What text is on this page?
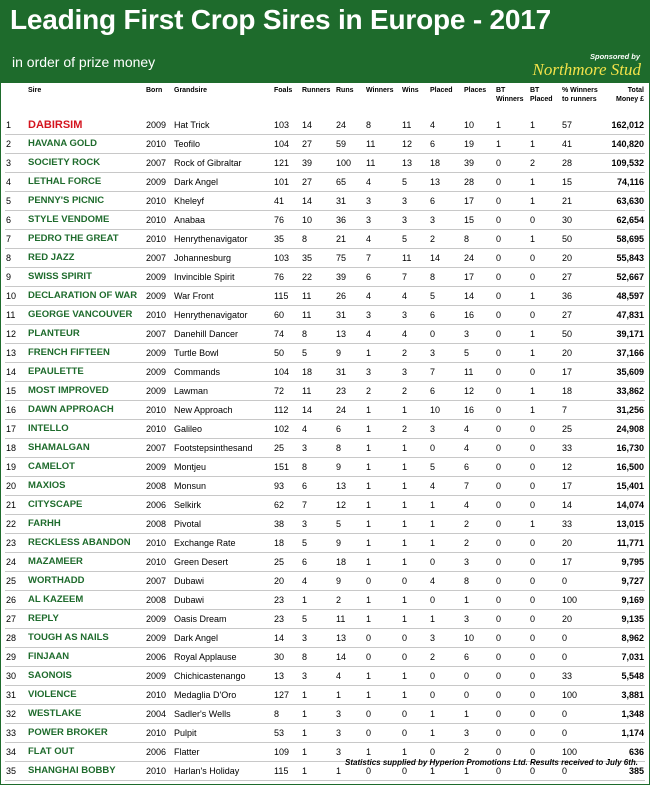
Leading First Crop Sires in Europe - 2017
in order of prize money	Sponsored by
Northmore Stud
	Sire	Born	Grandsire	Foals	Runners	Runs	Winners	Wins	Placed	Places	BT Winners	BT Placed	% Winners to runners	Total Money £
1	DABIRSIM	2009	Hat Trick	103	14	24	8	11	4	10	1	1	57	162,012
2	HAVANA GOLD	2010	Teofilo	104	27	59	11	12	6	19	1	1	41	140,820
3	SOCIETY ROCK	2007	Rock of Gibraltar	121	39	100	11	13	18	39	0	2	28	109,532
4	LETHAL FORCE	2009	Dark Angel	101	27	65	4	5	13	28	0	1	15	74,116
5	PENNY'S PICNIC	2010	Kheleyf	41	14	31	3	3	6	17	0	1	21	63,630
6	STYLE VENDOME	2010	Anabaa	76	10	36	3	3	3	15	0	0	30	62,654
7	PEDRO THE GREAT	2010	Henrythenavigator	35	8	21	4	5	2	8	0	1	50	58,695
8	RED JAZZ	2007	Johannesburg	103	35	75	7	11	14	24	0	0	20	55,843
9	SWISS SPIRIT	2009	Invincible Spirit	76	22	39	6	7	8	17	0	0	27	52,667
10	DECLARATION OF WAR	2009	War Front	115	11	26	4	4	5	14	0	1	36	48,597
11	GEORGE VANCOUVER	2010	Henrythenavigator	60	11	31	3	3	6	16	0	0	27	47,831
12	PLANTEUR	2007	Danehill Dancer	74	8	13	4	4	0	3	0	1	50	39,171
13	FRENCH FIFTEEN	2009	Turtle Bowl	50	5	9	1	2	3	5	0	1	20	37,166
14	EPAULETTE	2009	Commands	104	18	31	3	3	7	11	0	0	17	35,609
15	MOST IMPROVED	2009	Lawman	72	11	23	2	2	6	12	0	1	18	33,862
16	DAWN APPROACH	2010	New Approach	112	14	24	1	1	10	16	0	1	7	31,256
17	INTELLO	2010	Galileo	102	4	6	1	2	3	4	0	0	25	24,908
18	SHAMALGAN	2007	Footstepsinthesand	25	3	8	1	1	0	4	0	0	33	16,730
19	CAMELOT	2009	Montjeu	151	8	9	1	1	5	6	0	0	12	16,500
20	MAXIOS	2008	Monsun	93	6	13	1	1	4	7	0	0	17	15,401
21	CITYSCAPE	2006	Selkirk	62	7	12	1	1	1	4	0	0	14	14,074
22	FARHH	2008	Pivotal	38	3	5	1	1	1	2	0	1	33	13,015
23	RECKLESS ABANDON	2010	Exchange Rate	18	5	9	1	1	1	2	0	0	20	11,771
24	MAZAMEER	2010	Green Desert	25	6	18	1	1	0	3	0	0	17	9,795
25	WORTHADD	2007	Dubawi	20	4	9	0	0	4	8	0	0	0	9,727
26	AL KAZEEM	2008	Dubawi	23	1	2	1	1	0	1	0	0	100	9,169
27	REPLY	2009	Oasis Dream	23	5	11	1	1	1	3	0	0	20	9,135
28	TOUGH AS NAILS	2009	Dark Angel	14	3	13	0	0	3	10	0	0	0	8,962
29	FINJAAN	2006	Royal Applause	30	8	14	0	0	2	6	0	0	0	7,031
30	SAONOIS	2009	Chichicastenango	13	3	4	1	1	0	0	0	0	33	5,548
31	VIOLENCE	2010	Medaglia D'Oro	127	1	1	1	1	0	0	0	0	100	3,881
32	WESTLAKE	2004	Sadler's Wells	8	1	3	0	0	1	1	0	0	0	1,348
33	POWER BROKER	2010	Pulpit	53	1	3	0	0	1	3	0	0	0	1,174
34	FLAT OUT	2006	Flatter	109	1	3	1	1	0	2	0	0	100	636
35	SHANGHAI BOBBY	2010	Harlan's Holiday	115	1	1	0	0	1	1	0	0	0	385
Statistics supplied by Hyperion Promotions Ltd. Results received to July 6th.
